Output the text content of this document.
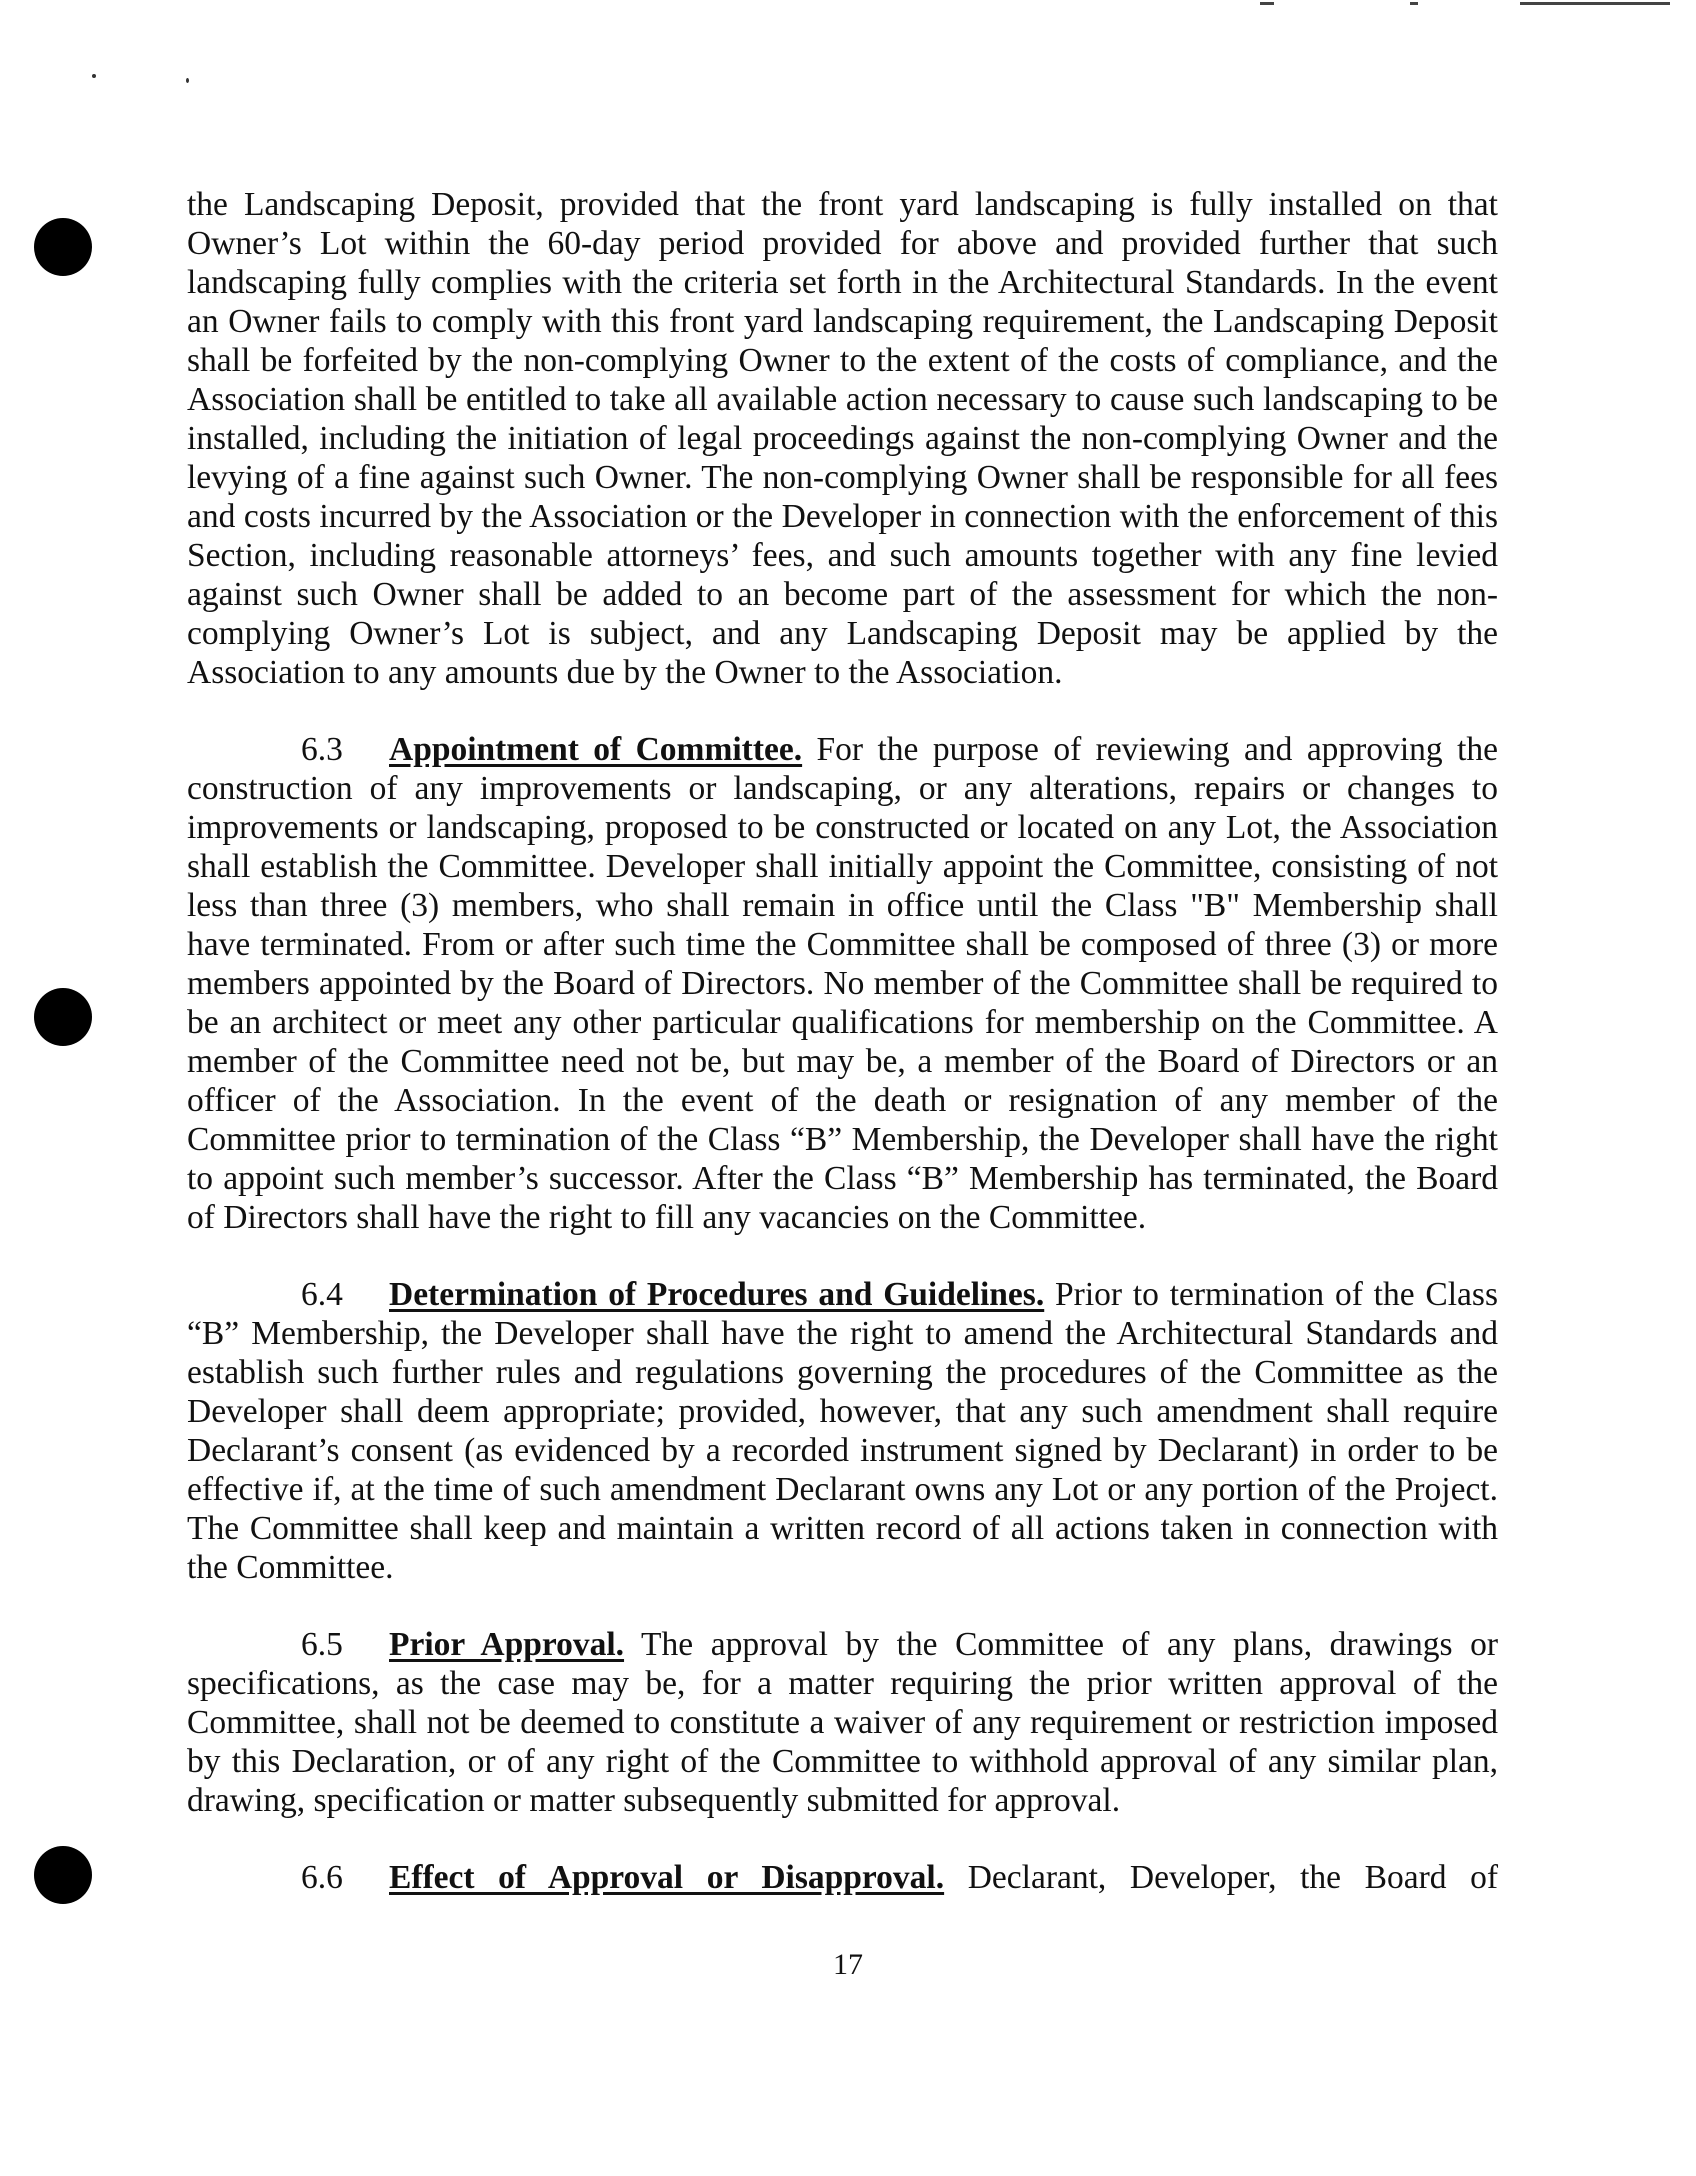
the Landscaping Deposit, provided that the front yard landscaping is fully installed on that Owner’s Lot within the 60-day period provided for above and provided further that such landscaping fully complies with the criteria set forth in the Architectural Standards. In the event an Owner fails to comply with this front yard landscaping requirement, the Landscaping Deposit shall be forfeited by the non-complying Owner to the extent of the costs of compliance, and the Association shall be entitled to take all available action necessary to cause such landscaping to be installed, including the initiation of legal proceedings against the non-complying Owner and the levying of a fine against such Owner. The non-complying Owner shall be responsible for all fees and costs incurred by the Association or the Developer in connection with the enforcement of this Section, including reasonable attorneys’ fees, and such amounts together with any fine levied against such Owner shall be added to an become part of the assessment for which the non-complying Owner’s Lot is subject, and any Landscaping Deposit may be applied by the Association to any amounts due by the Owner to the Association.

6.3 Appointment of Committee. For the purpose of reviewing and approving the construction of any improvements or landscaping, or any alterations, repairs or changes to improvements or landscaping, proposed to be constructed or located on any Lot, the Association shall establish the Committee. Developer shall initially appoint the Committee, consisting of not less than three (3) members, who shall remain in office until the Class "B" Membership shall have terminated. From or after such time the Committee shall be composed of three (3) or more members appointed by the Board of Directors. No member of the Committee shall be required to be an architect or meet any other particular qualifications for membership on the Committee. A member of the Committee need not be, but may be, a member of the Board of Directors or an officer of the Association. In the event of the death or resignation of any member of the Committee prior to termination of the Class “B” Membership, the Developer shall have the right to appoint such member’s successor. After the Class “B” Membership has terminated, the Board of Directors shall have the right to fill any vacancies on the Committee.

6.4 Determination of Procedures and Guidelines. Prior to termination of the Class “B” Membership, the Developer shall have the right to amend the Architectural Standards and establish such further rules and regulations governing the procedures of the Committee as the Developer shall deem appropriate; provided, however, that any such amendment shall require Declarant’s consent (as evidenced by a recorded instrument signed by Declarant) in order to be effective if, at the time of such amendment Declarant owns any Lot or any portion of the Project. The Committee shall keep and maintain a written record of all actions taken in connection with the Committee.

6.5 Prior Approval. The approval by the Committee of any plans, drawings or specifications, as the case may be, for a matter requiring the prior written approval of the Committee, shall not be deemed to constitute a waiver of any requirement or restriction imposed by this Declaration, or of any right of the Committee to withhold approval of any similar plan, drawing, specification or matter subsequently submitted for approval.

6.6 Effect of Approval or Disapproval. Declarant, Developer, the Board of

17
